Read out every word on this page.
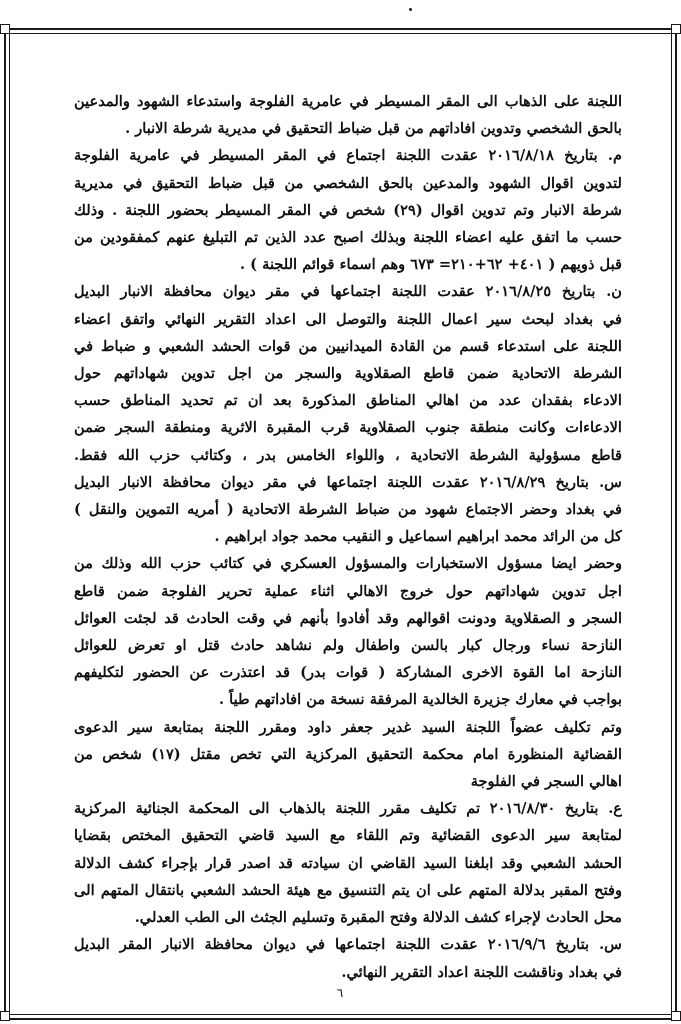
اللجنة على الذهاب الى المقر المسيطر في عامرية الفلوجة واستدعاء الشهود والمدعين
بالحق الشخصي وتدوين افاداتهم من قبل ضباط التحقيق في مديرية شرطة الانبار .
م. بتاريخ ٢٠١٦/٨/١٨ عقدت اللجنة اجتماع في المقر المسيطر في عامرية الفلوجة
لتدوين اقوال الشهود والمدعين بالحق الشخصي من قبل ضباط التحقيق في مديرية
شرطة الانبار وتم تدوين اقوال (٢٩) شخص في المقر المسيطر بحضور اللجنة . وذلك
حسب ما اتفق عليه اعضاء اللجنة وبذلك اصبح عدد الذين تم التبليغ عنهم كمفقودين من
قبل ذويهم ( ٤٠١+ ٦٢+٢١٠= ٦٧٣ وهم اسماء قوائم اللجنة ) .
ن. بتاريخ ٢٠١٦/٨/٢٥ عقدت اللجنة اجتماعها في مقر ديوان محافظة الانبار البديل
في بغداد لبحث سير اعمال اللجنة والتوصل الى اعداد التقرير النهائي واتفق اعضاء
اللجنة على استدعاء قسم من القادة الميدانيين من قوات الحشد الشعبي و ضباط في
الشرطة الاتحادية ضمن قاطع الصقلاوية والسجر من اجل تدوين شهاداتهم حول
الادعاء بفقدان عدد من اهالي المناطق المذكورة بعد ان تم تحديد المناطق حسب
الادعاءات وكانت منطقة جنوب الصقلاوية قرب المقبرة الاثرية ومنطقة السجر ضمن
قاطع مسؤولية الشرطة الاتحادية ، واللواء الخامس بدر ، وكتائب حزب الله فقط.
س. بتاريخ ٢٠١٦/٨/٢٩ عقدت اللجنة اجتماعها في مقر ديوان محافظة الانبار البديل
في بغداد وحضر الاجتماع شهود من ضباط الشرطة الاتحادية ( أمريه التموين والنقل )
كل من الرائد محمد ابراهيم اسماعيل و النقيب محمد جواد ابراهيم .
وحضر ايضا مسؤول الاستخبارات والمسؤول العسكري في كتائب حزب الله وذلك من
اجل تدوين شهاداتهم حول خروج الاهالي اثناء عملية تحرير الفلوجة ضمن قاطع
السجر و الصقلاوية ودونت اقوالهم وقد أفادوا بأنهم في وقت الحادث قد لجئت العوائل
النازحة نساء ورجال كبار بالسن واطفال ولم نشاهد حادث قتل او تعرض للعوائل
النازحة اما القوة الاخرى المشاركة ( قوات بدر) قد اعتذرت عن الحضور لتكليفهم
بواجب في معارك جزيرة الخالدية المرفقة نسخة من افاداتهم طياً .
وتم تكليف عضواً اللجنة السيد غدير جعفر داود ومقرر اللجنة بمتابعة سير الدعوى
القضائية المنظورة امام محكمة التحقيق المركزية التي تخص مقتل (١٧) شخص من
اهالي السجر في الفلوجة
ع. بتاريخ ٢٠١٦/٨/٣٠ تم تكليف مقرر اللجنة بالذهاب الى المحكمة الجنائية المركزية
لمتابعة سير الدعوى القضائية وتم اللقاء مع السيد قاضي التحقيق المختص بقضايا
الحشد الشعبي وقد ابلغنا السيد القاضي ان سيادته قد اصدر قرار بإجراء كشف الدلالة
وفتح المقبر بدلالة المتهم على ان يتم التنسيق مع هيئة الحشد الشعبي بانتقال المتهم الى
محل الحادث لإجراء كشف الدلالة وفتح المقبرة وتسليم الجثث الى الطب العدلي.
س. بتاريخ ٢٠١٦/٩/٦ عقدت اللجنة اجتماعها في ديوان محافظة الانبار المقر البديل
في بغداد وناقشت اللجنة اعداد التقرير النهائي.
٦
